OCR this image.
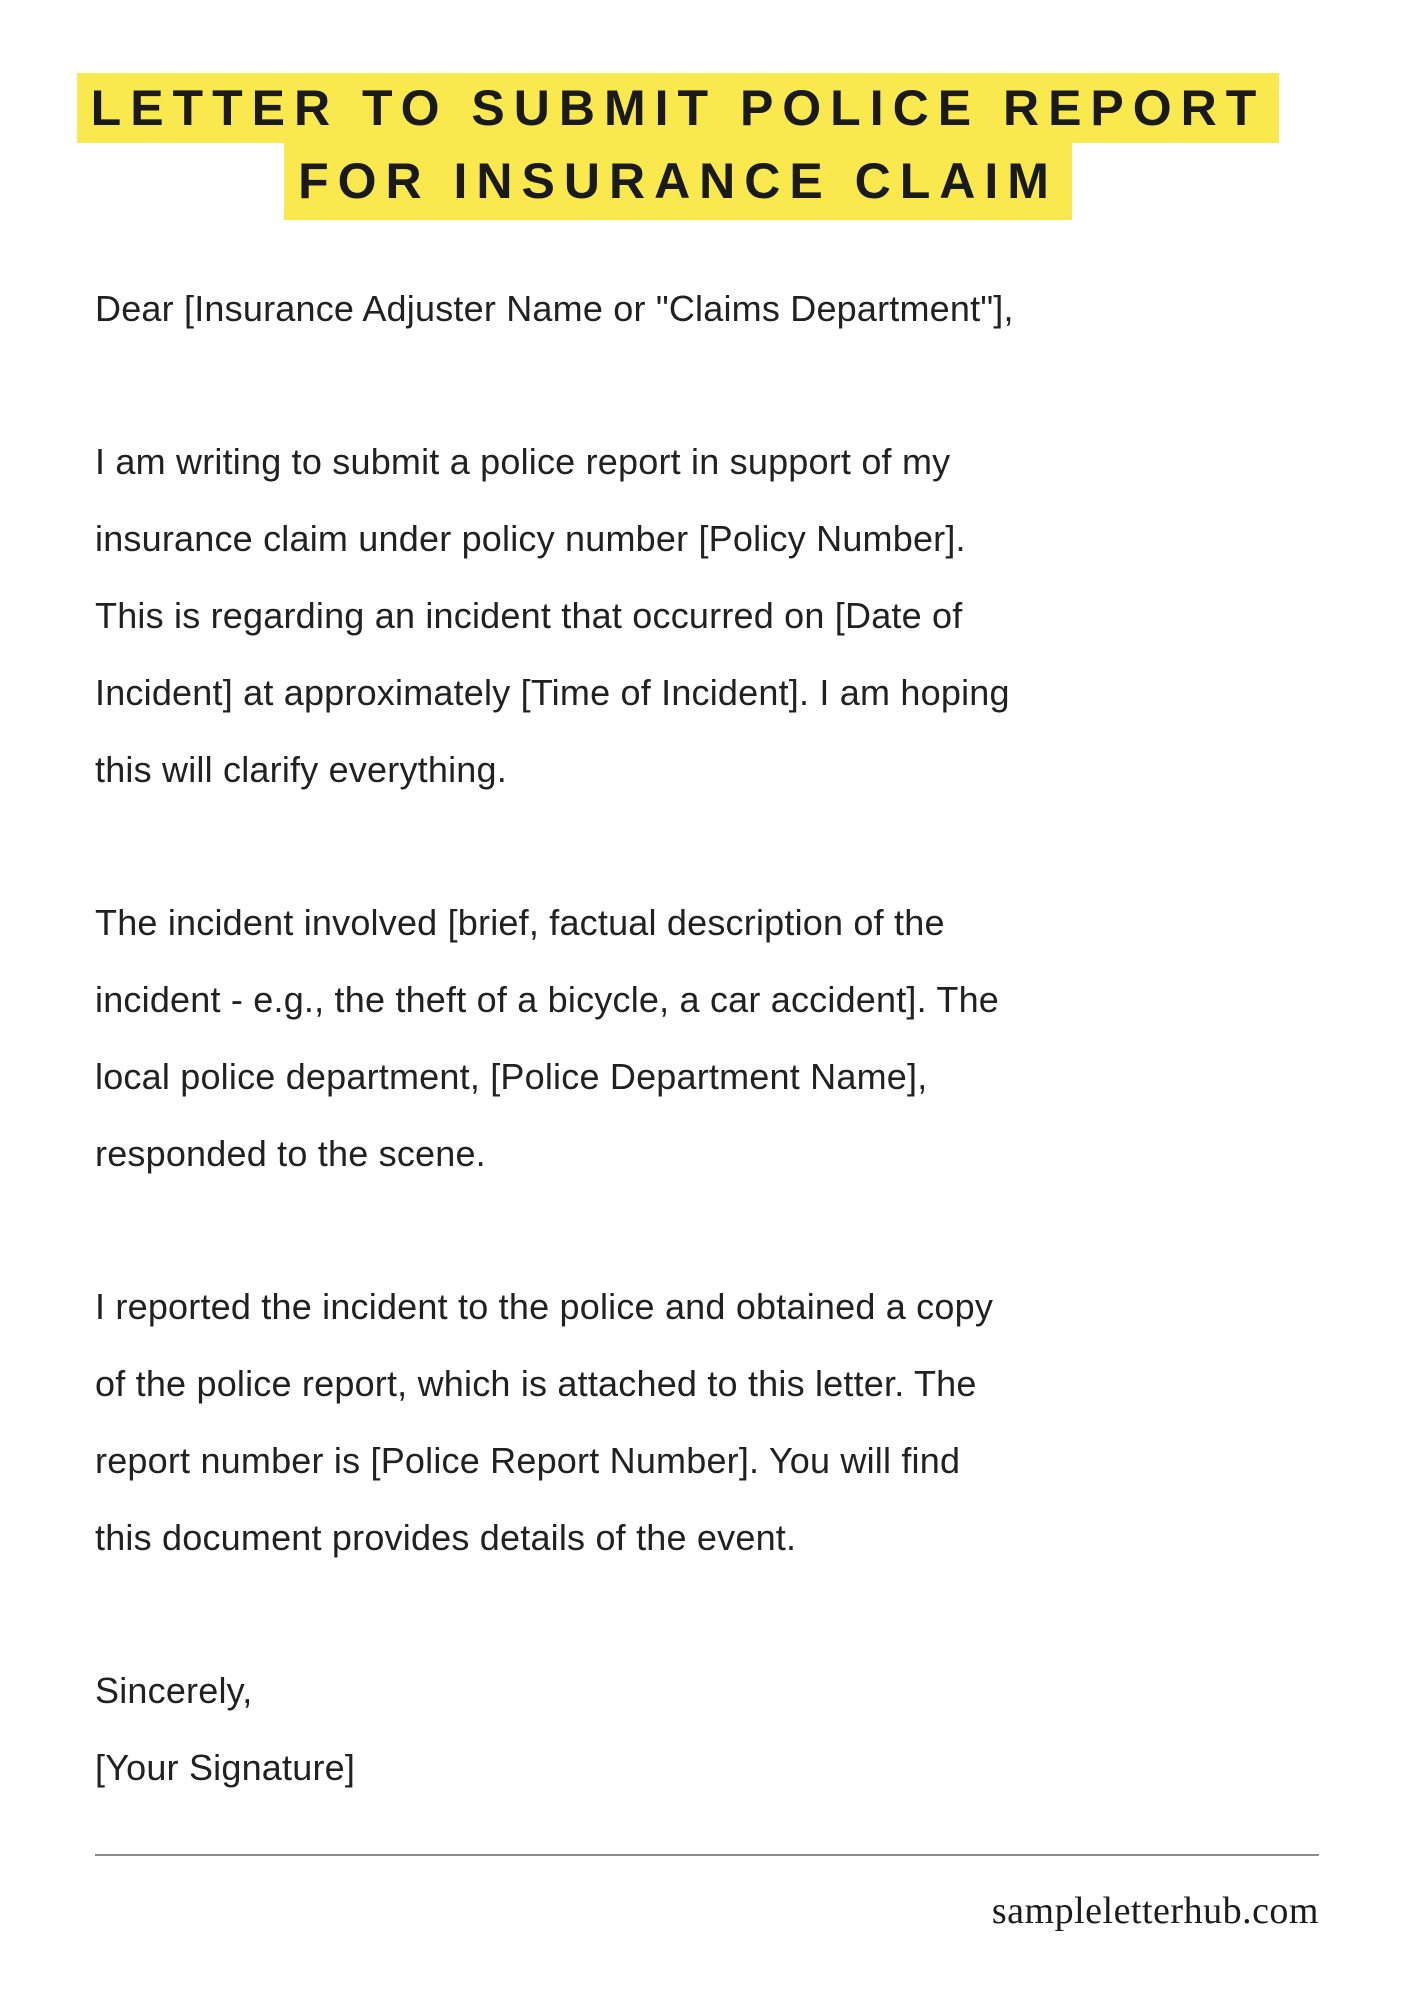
LETTER TO SUBMIT POLICE REPORT
FOR INSURANCE CLAIM

Dear [Insurance Adjuster Name or "Claims Department"],

I am writing to submit a police report in support of my
insurance claim under policy number [Policy Number].
This is regarding an incident that occurred on [Date of
Incident] at approximately [Time of Incident]. I am hoping
this will clarify everything.

The incident involved [brief, factual description of the
incident - e.g., the theft of a bicycle, a car accident]. The
local police department, [Police Department Name],
responded to the scene.

I reported the incident to the police and obtained a copy
of the police report, which is attached to this letter. The
report number is [Police Report Number]. You will find
this document provides details of the event.

Sincerely,
[Your Signature]

sampleletterhub.com
